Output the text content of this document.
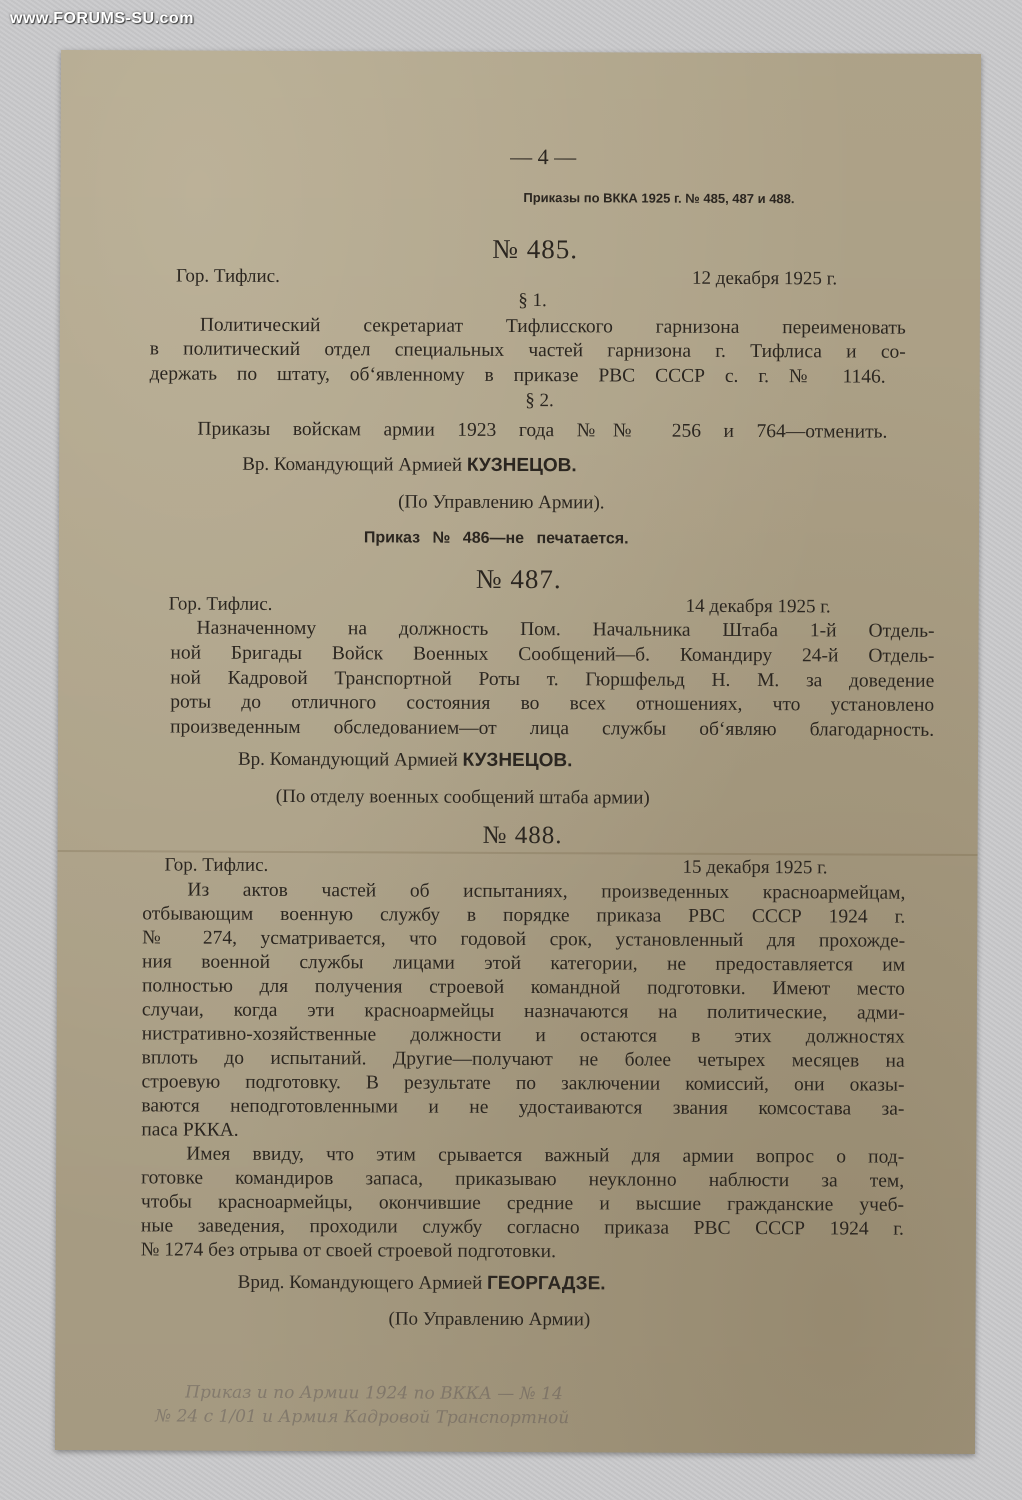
www.FORUMS-SU.com
— 4 —
Приказы по ВККА 1925 г. № 485, 487 и 488.
№ 485.
Гор. Тифлис.	12 декабря 1925 г.
§ 1.
Политический секретариат Тифлисского гарнизона переименовать
в политический отдел специальных частей гарнизона г. Тифлиса и со-
держать по штату, об‘явленному в приказе РВС СССР с. г. № 1146.
§ 2.
Приказы войскам армии 1923 года №№ 256 и 764—отменить.
Вр. Командующий Армией КУЗНЕЦОВ.
(По Управлению Армии).
Приказ № 486—не печатается.
№ 487.
Гор. Тифлис.	14 декабря 1925 г.
Назначенному на должность Пом. Начальника Штаба 1-й Отдель-
ной Бригады Войск Военных Сообщений—б. Командиру 24-й Отдель-
ной Кадровой Транспортной Роты т. Гюршфельд Н. М. за доведение
роты до отличного состояния во всех отношениях, что установлено
произведенным обследованием—от лица службы об‘являю благодарность.
Вр. Командующий Армией КУЗНЕЦОВ.
(По отделу военных сообщений штаба армии)
№ 488.
Гор. Тифлис.	15 декабря 1925 г.
Из актов частей об испытаниях, произведенных красноармейцам,
отбывающим военную службу в порядке приказа РВС СССР 1924 г.
№ 274, усматривается, что годовой срок, установленный для прохожде-
ния военной службы лицами этой категории, не предоставляется им
полностью для получения строевой командной подготовки. Имеют место
случаи, когда эти красноармейцы назначаются на политические, адми-
нистративно-хозяйственные должности и остаются в этих должностях
вплоть до испытаний. Другие—получают не более четырех месяцев на
строевую подготовку. В результате по заключении комиссий, они оказы-
ваются неподготовленными и не удостаиваются звания комсостава за-
паса РККА.
Имея ввиду, что этим срывается важный для армии вопрос о под-
готовке командиров запаса, приказываю неуклонно наблюсти за тем,
чтобы красноармейцы, окончившие средние и высшие гражданские учеб-
ные заведения, проходили службу согласно приказа РВС СССР 1924 г.
№ 1274 без отрыва от своей строевой подготовки.
Врид. Командующего Армией ГЕОРГАДЗЕ.
(По Управлению Армии)
Приказ и по Армии 1924 по ВККА — № 14
№ 24 с 1/01 и Армия Кадровой Транспортной
